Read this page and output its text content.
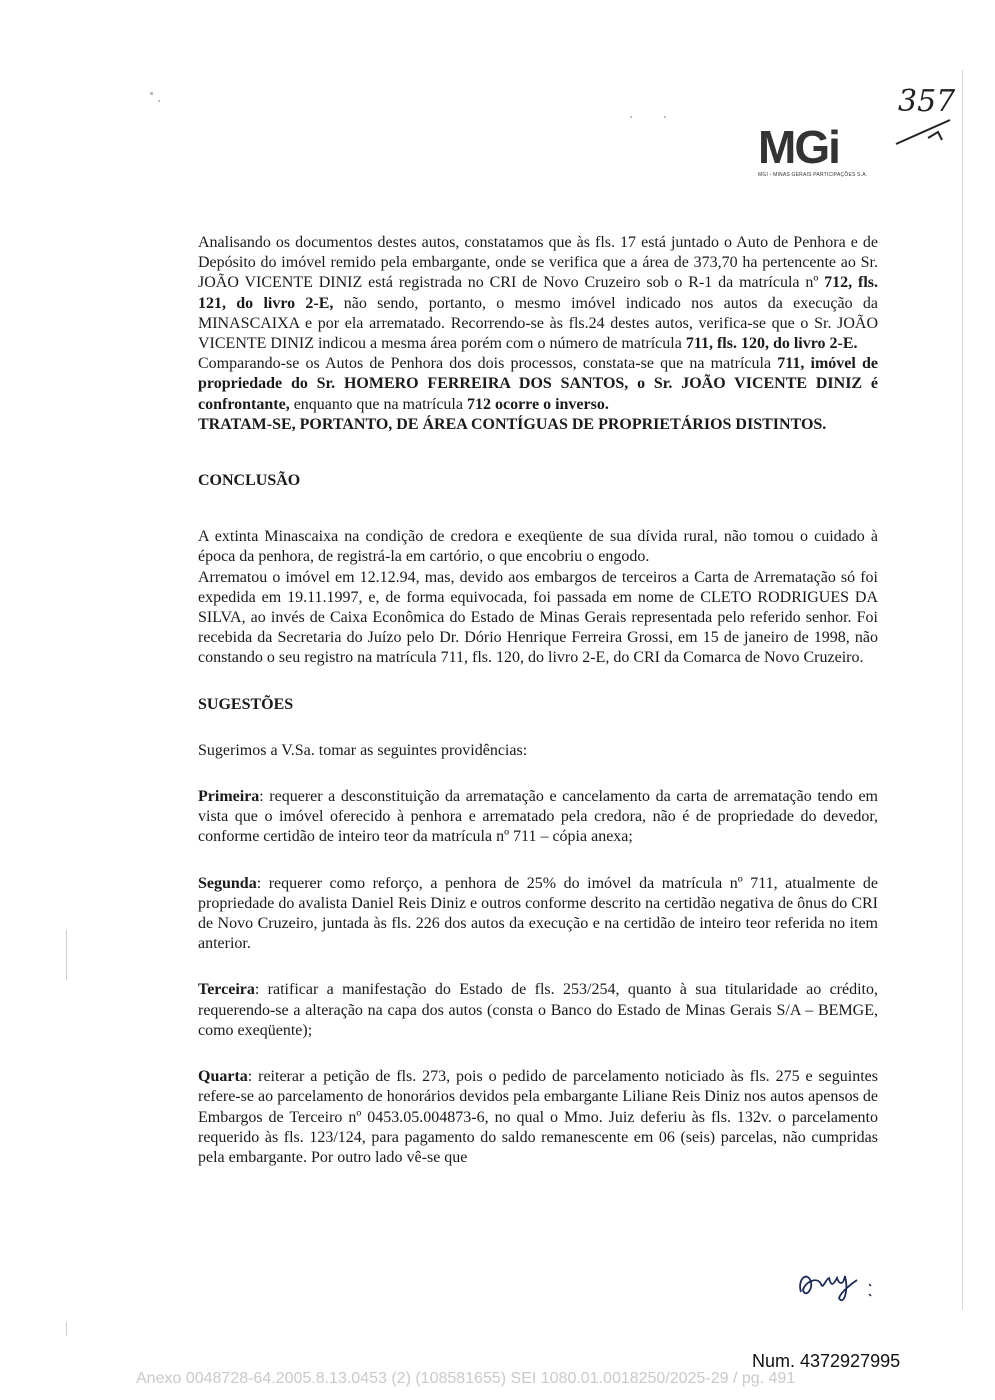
357
MGi
MGI - MINAS GERAIS PARTICIPAÇÕES S.A.

Analisando os documentos destes autos, constatamos que às fls. 17 está juntado o Auto de Penhora e de Depósito do imóvel remido pela embargante, onde se verifica que a área de 373,70 ha pertencente ao Sr. JOÃO VICENTE DINIZ está registrada no CRI de Novo Cruzeiro sob o R-1 da matrícula nº 712, fls. 121, do livro 2-E, não sendo, portanto, o mesmo imóvel indicado nos autos da execução da MINASCAIXA e por ela arrematado. Recorrendo-se às fls.24 destes autos, verifica-se que o Sr. JOÃO VICENTE DINIZ indicou a mesma área porém com o número de matrícula 711, fls. 120, do livro 2-E.

Comparando-se os Autos de Penhora dos dois processos, constata-se que na matrícula 711, imóvel de propriedade do Sr. HOMERO FERREIRA DOS SANTOS, o Sr. JOÃO VICENTE DINIZ é confrontante, enquanto que na matrícula 712 ocorre o inverso.

TRATAM-SE, PORTANTO, DE ÁREA CONTÍGUAS DE PROPRIETÁRIOS DISTINTOS.

CONCLUSÃO

A extinta Minascaixa na condição de credora e exeqüente de sua dívida rural, não tomou o cuidado à época da penhora, de registrá-la em cartório, o que encobriu o engodo.

Arrematou o imóvel em 12.12.94, mas, devido aos embargos de terceiros a Carta de Arrematação só foi expedida em 19.11.1997, e, de forma equivocada, foi passada em nome de CLETO RODRIGUES DA SILVA, ao invés de Caixa Econômica do Estado de Minas Gerais representada pelo referido senhor. Foi recebida da Secretaria do Juízo pelo Dr. Dório Henrique Ferreira Grossi, em 15 de janeiro de 1998, não constando o seu registro na matrícula 711, fls. 120, do livro 2-E, do CRI da Comarca de Novo Cruzeiro.

SUGESTÕES

Sugerimos a V.Sa. tomar as seguintes providências:

Primeira: requerer a desconstituição da arrematação e cancelamento da carta de arrematação tendo em vista que o imóvel oferecido à penhora e arrematado pela credora, não é de propriedade do devedor, conforme certidão de inteiro teor da matrícula nº 711 – cópia anexa;

Segunda: requerer como reforço, a penhora de 25% do imóvel da matrícula nº 711, atualmente de propriedade do avalista Daniel Reis Diniz e outros conforme descrito na certidão negativa de ônus do CRI de Novo Cruzeiro, juntada às fls. 226 dos autos da execução e na certidão de inteiro teor referida no item anterior.

Terceira: ratificar a manifestação do Estado de fls. 253/254, quanto à sua titularidade ao crédito, requerendo-se a alteração na capa dos autos (consta o Banco do Estado de Minas Gerais S/A – BEMGE, como exeqüente);

Quarta: reiterar a petição de fls. 273, pois o pedido de parcelamento noticiado às fls. 275 e seguintes refere-se ao parcelamento de honorários devidos pela embargante Liliane Reis Diniz nos autos apensos de Embargos de Terceiro nº 0453.05.004873-6, no qual o Mmo. Juiz deferiu às fls. 132v. o parcelamento requerido às fls. 123/124, para pagamento do saldo remanescente em 06 (seis) parcelas, não cumpridas pela embargante. Por outro lado vê-se que

Num. 4372927995
Anexo 0048728-64.2005.8.13.0453 (2) (108581655) SEI 1080.01.0018250/2025-29 / pg. 491
